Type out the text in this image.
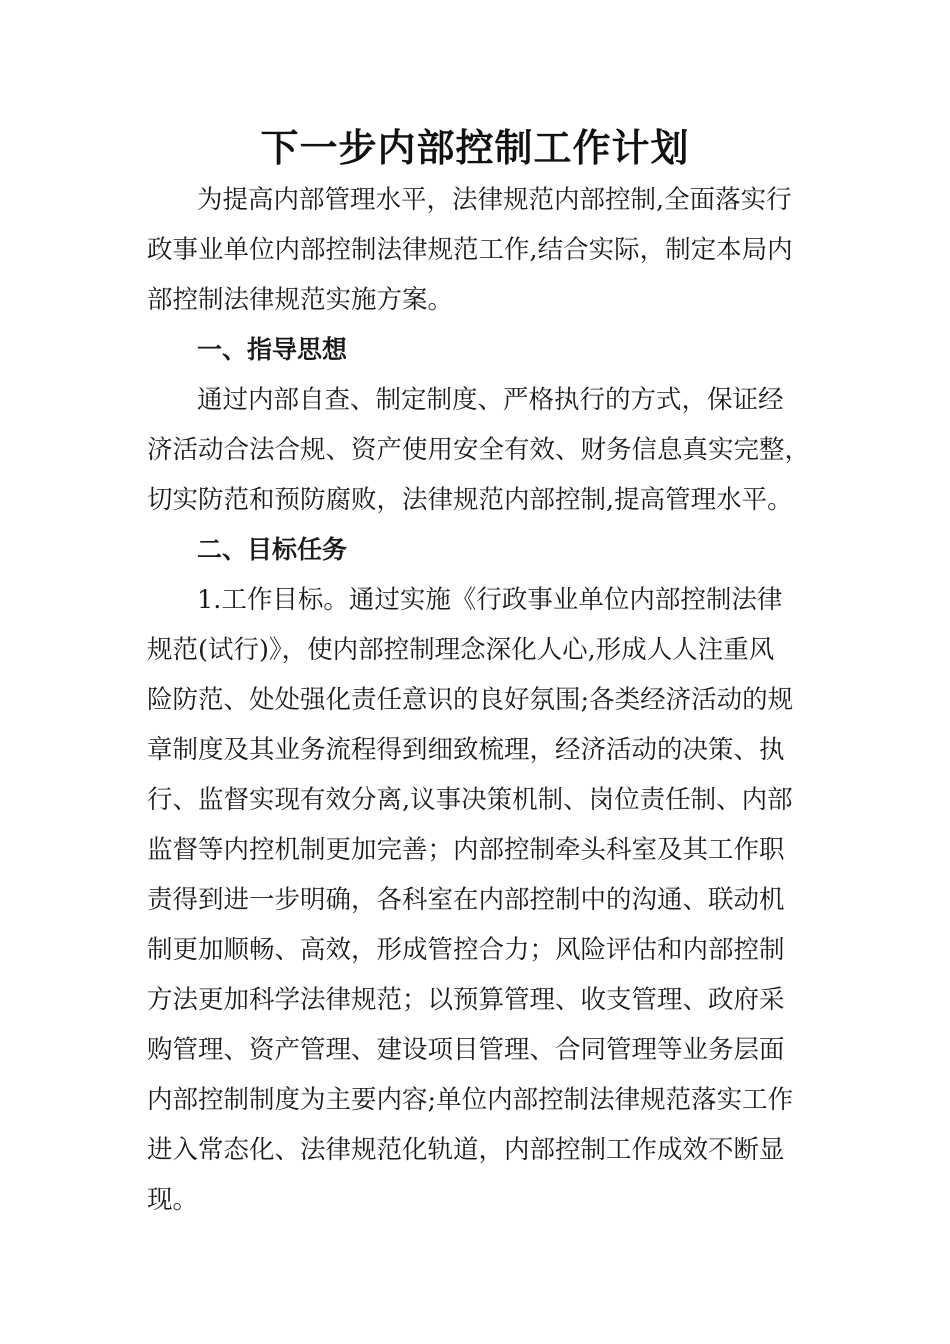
下一步内部控制工作计划
为提高内部管理水平，法律规范内部控制,全面落实行
政事业单位内部控制法律规范工作,结合实际，制定本局内
部控制法律规范实施方案。
一、指导思想
通过内部自查、制定制度、严格执行的方式，保证经
济活动合法合规、资产使用安全有效、财务信息真实完整，
切实防范和预防腐败，法律规范内部控制,提高管理水平。
二、目标任务
1.工作目标。通过实施《行政事业单位内部控制法律
规范(试行)》，使内部控制理念深化人心,形成人人注重风
险防范、处处强化责任意识的良好氛围;各类经济活动的规
章制度及其业务流程得到细致梳理，经济活动的决策、执
行、监督实现有效分离,议事决策机制、岗位责任制、内部
监督等内控机制更加完善；内部控制牵头科室及其工作职
责得到进一步明确，各科室在内部控制中的沟通、联动机
制更加顺畅、高效，形成管控合力；风险评估和内部控制
方法更加科学法律规范；以预算管理、收支管理、政府采
购管理、资产管理、建设项目管理、合同管理等业务层面
内部控制制度为主要内容;单位内部控制法律规范落实工作
进入常态化、法律规范化轨道，内部控制工作成效不断显
现。
